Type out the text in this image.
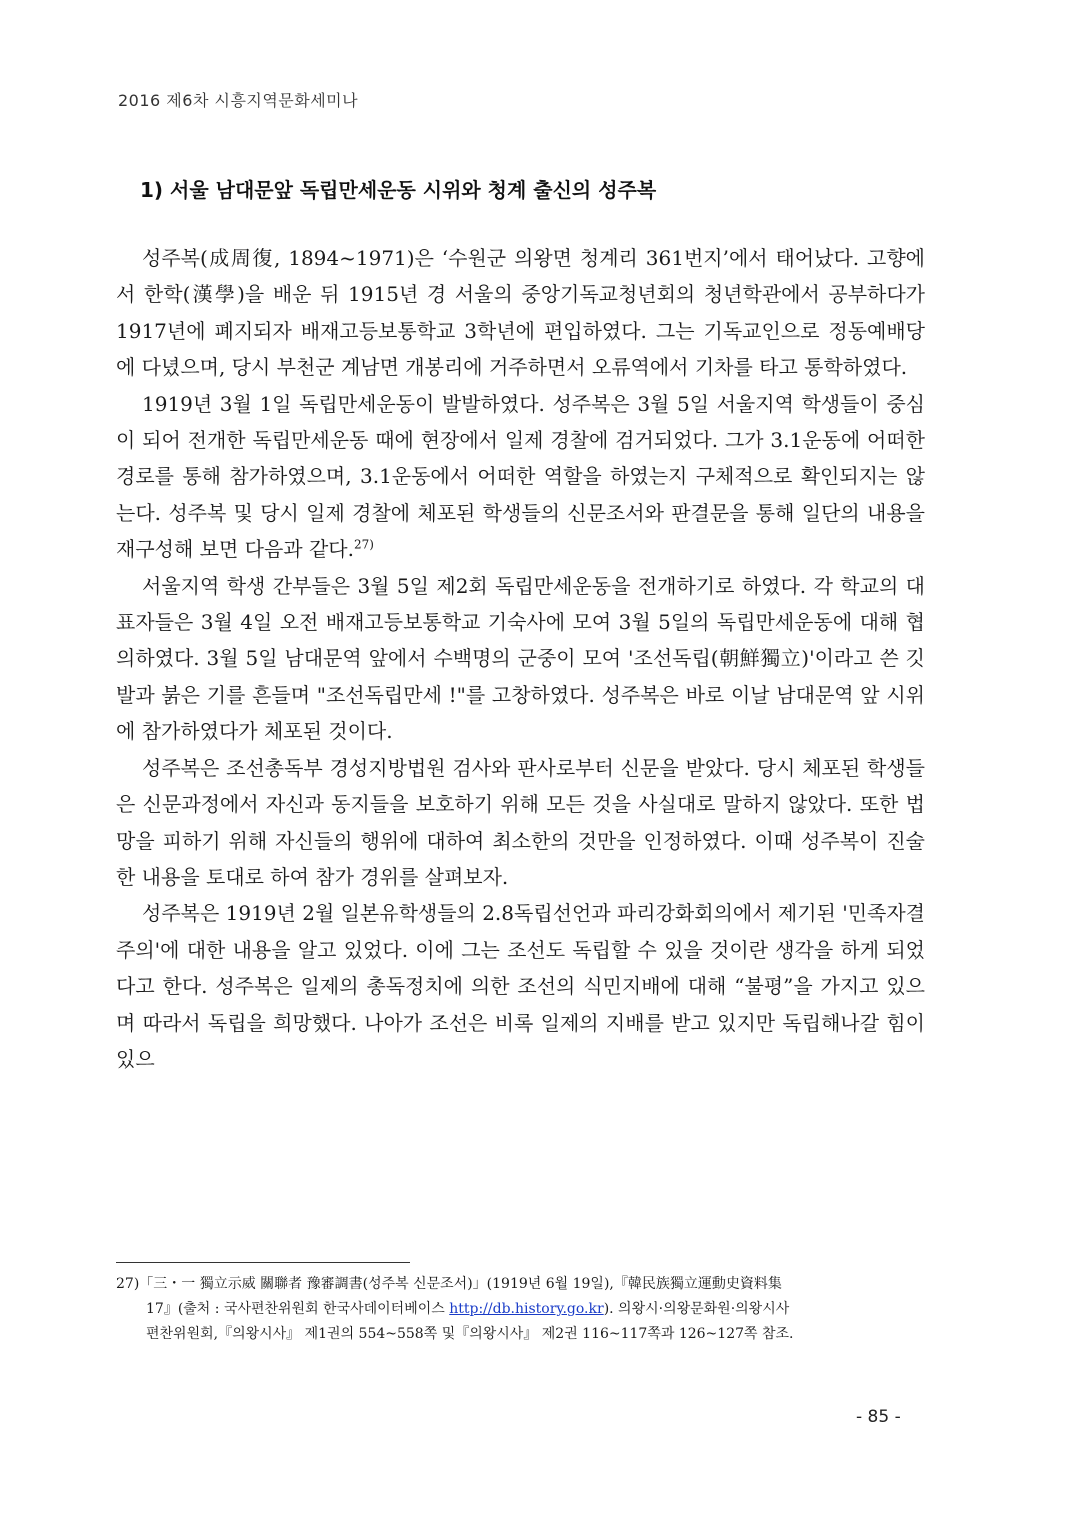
2016 제6차 시흥지역문화세미나
1) 서울 남대문앞 독립만세운동 시위와 청계 출신의 성주복

성주복(成周復, 1894~1971)은 ‘수원군 의왕면 청계리 361번지’에서 태어났다. 고향에서 한학(漢學)을 배운 뒤 1915년 경 서울의 중앙기독교청년회의 청년학관에서 공부하다가 1917년에 폐지되자 배재고등보통학교 3학년에 편입하였다. 그는 기독교인으로 정동예배당에 다녔으며, 당시 부천군 계남면 개봉리에 거주하면서 오류역에서 기차를 타고 통학하였다.

1919년 3월 1일 독립만세운동이 발발하였다. 성주복은 3월 5일 서울지역 학생들이 중심이 되어 전개한 독립만세운동 때에 현장에서 일제 경찰에 검거되었다. 그가 3.1운동에 어떠한 경로를 통해 참가하였으며, 3.1운동에서 어떠한 역할을 하였는지 구체적으로 확인되지는 않는다. 성주복 및 당시 일제 경찰에 체포된 학생들의 신문조서와 판결문을 통해 일단의 내용을 재구성해 보면 다음과 같다.$^{27)}$

서울지역 학생 간부들은 3월 5일 제2회 독립만세운동을 전개하기로 하였다. 각 학교의 대표자들은 3월 4일 오전 배재고등보통학교 기숙사에 모여 3월 5일의 독립만세운동에 대해 협의하였다. 3월 5일 남대문역 앞에서 수백명의 군중이 모여 '조선독립(朝鮮獨立)'이라고 쓴 깃발과 붉은 기를 흔들며 "조선독립만세 !"를 고창하였다. 성주복은 바로 이날 남대문역 앞 시위에 참가하였다가 체포된 것이다.

성주복은 조선총독부 경성지방법원 검사와 판사로부터 신문을 받았다. 당시 체포된 학생들은 신문과정에서 자신과 동지들을 보호하기 위해 모든 것을 사실대로 말하지 않았다. 또한 법망을 피하기 위해 자신들의 행위에 대하여 최소한의 것만을 인정하였다. 이때 성주복이 진술한 내용을 토대로 하여 참가 경위를 살펴보자.

성주복은 1919년 2월 일본유학생들의 2.8독립선언과 파리강화회의에서 제기된 '민족자결주의'에 대한 내용을 알고 있었다. 이에 그는 조선도 독립할 수 있을 것이란 생각을 하게 되었다고 한다. 성주복은 일제의 총독정치에 의한 조선의 식민지배에 대해 “불평”을 가지고 있으며 따라서 독립을 희망했다. 나아가 조선은 비록 일제의 지배를 받고 있지만 독립해나갈 힘이 있으

27)「三・一 獨立示威 關聯者 豫審調書(성주복 신문조서)」(1919년 6월 19일),『韓民族獨立運動史資料集
17』(출처 : 국사편찬위원회 한국사데이터베이스 http://db.history.go.kr). 의왕시·의왕문화원·의왕시사
편찬위원회,『의왕시사』 제1권의 554~558쪽 및『의왕시사』 제2권 116~117쪽과 126~127쪽 참조.
- 85 -
